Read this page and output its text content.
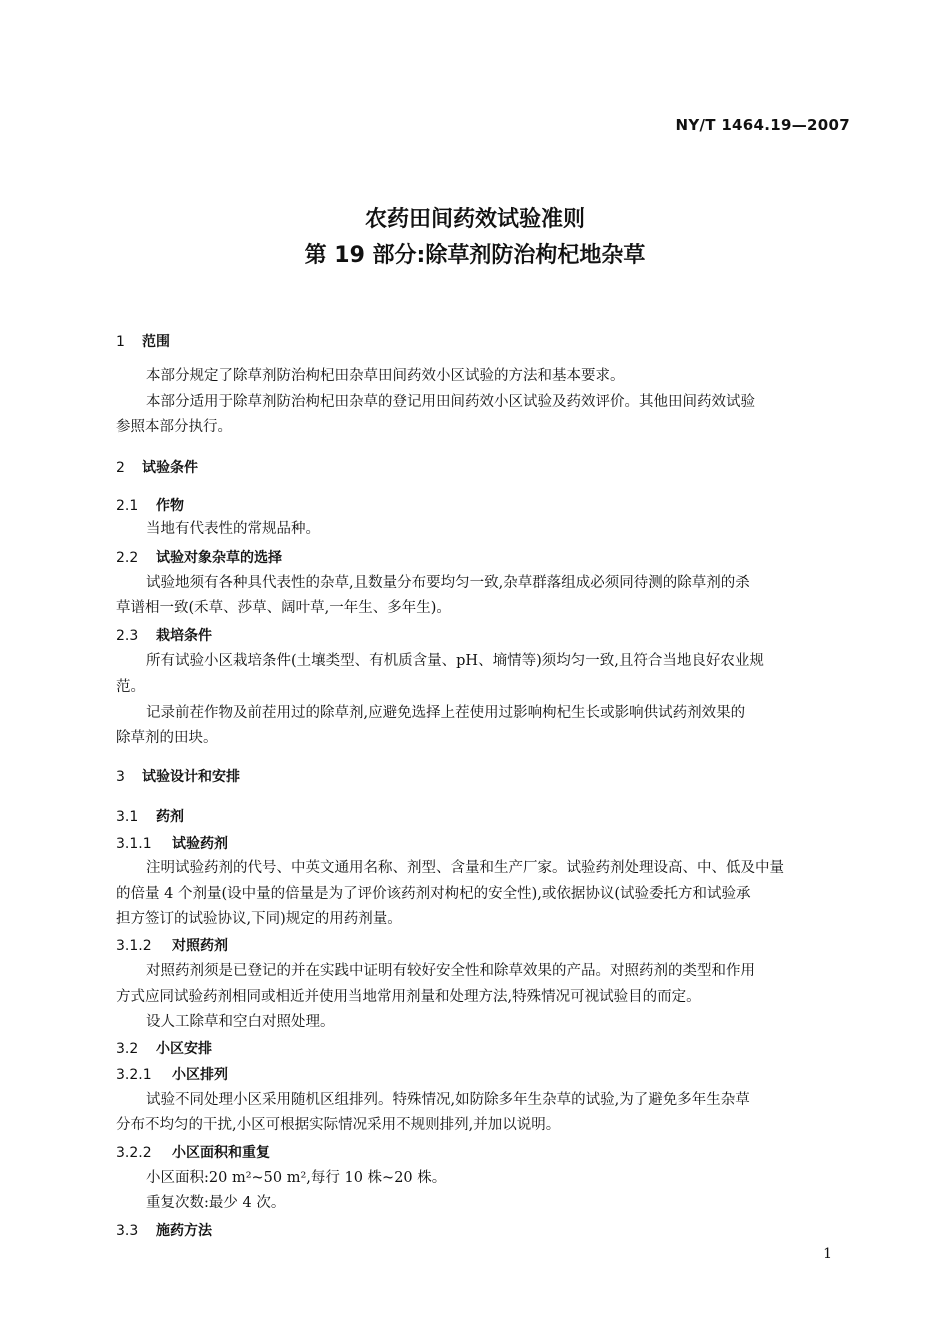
NY/T 1464.19—2007
农药田间药效试验准则
第 19 部分:除草剂防治枸杞地杂草
1 范围
本部分规定了除草剂防治枸杞田杂草田间药效小区试验的方法和基本要求。
本部分适用于除草剂防治枸杞田杂草的登记用田间药效小区试验及药效评价。其他田间药效试验
参照本部分执行。
2 试验条件
2.1 作物
当地有代表性的常规品种。
2.2 试验对象杂草的选择
试验地须有各种具代表性的杂草,且数量分布要均匀一致,杂草群落组成必须同待测的除草剂的杀
草谱相一致(禾草、莎草、阔叶草,一年生、多年生)。
2.3 栽培条件
所有试验小区栽培条件(土壤类型、有机质含量、pH、墒情等)须均匀一致,且符合当地良好农业规
范。
记录前茬作物及前茬用过的除草剂,应避免选择上茬使用过影响枸杞生长或影响供试药剂效果的
除草剂的田块。
3 试验设计和安排
3.1 药剂
3.1.1 试验药剂
注明试验药剂的代号、中英文通用名称、剂型、含量和生产厂家。试验药剂处理设高、中、低及中量
的倍量 4 个剂量(设中量的倍量是为了评价该药剂对枸杞的安全性),或依据协议(试验委托方和试验承
担方签订的试验协议,下同)规定的用药剂量。
3.1.2 对照药剂
对照药剂须是已登记的并在实践中证明有较好安全性和除草效果的产品。对照药剂的类型和作用
方式应同试验药剂相同或相近并使用当地常用剂量和处理方法,特殊情况可视试验目的而定。
设人工除草和空白对照处理。
3.2 小区安排
3.2.1 小区排列
试验不同处理小区采用随机区组排列。特殊情况,如防除多年生杂草的试验,为了避免多年生杂草
分布不均匀的干扰,小区可根据实际情况采用不规则排列,并加以说明。
3.2.2 小区面积和重复
小区面积:20 m²~50 m²,每行 10 株~20 株。
重复次数:最少 4 次。
3.3 施药方法
1
